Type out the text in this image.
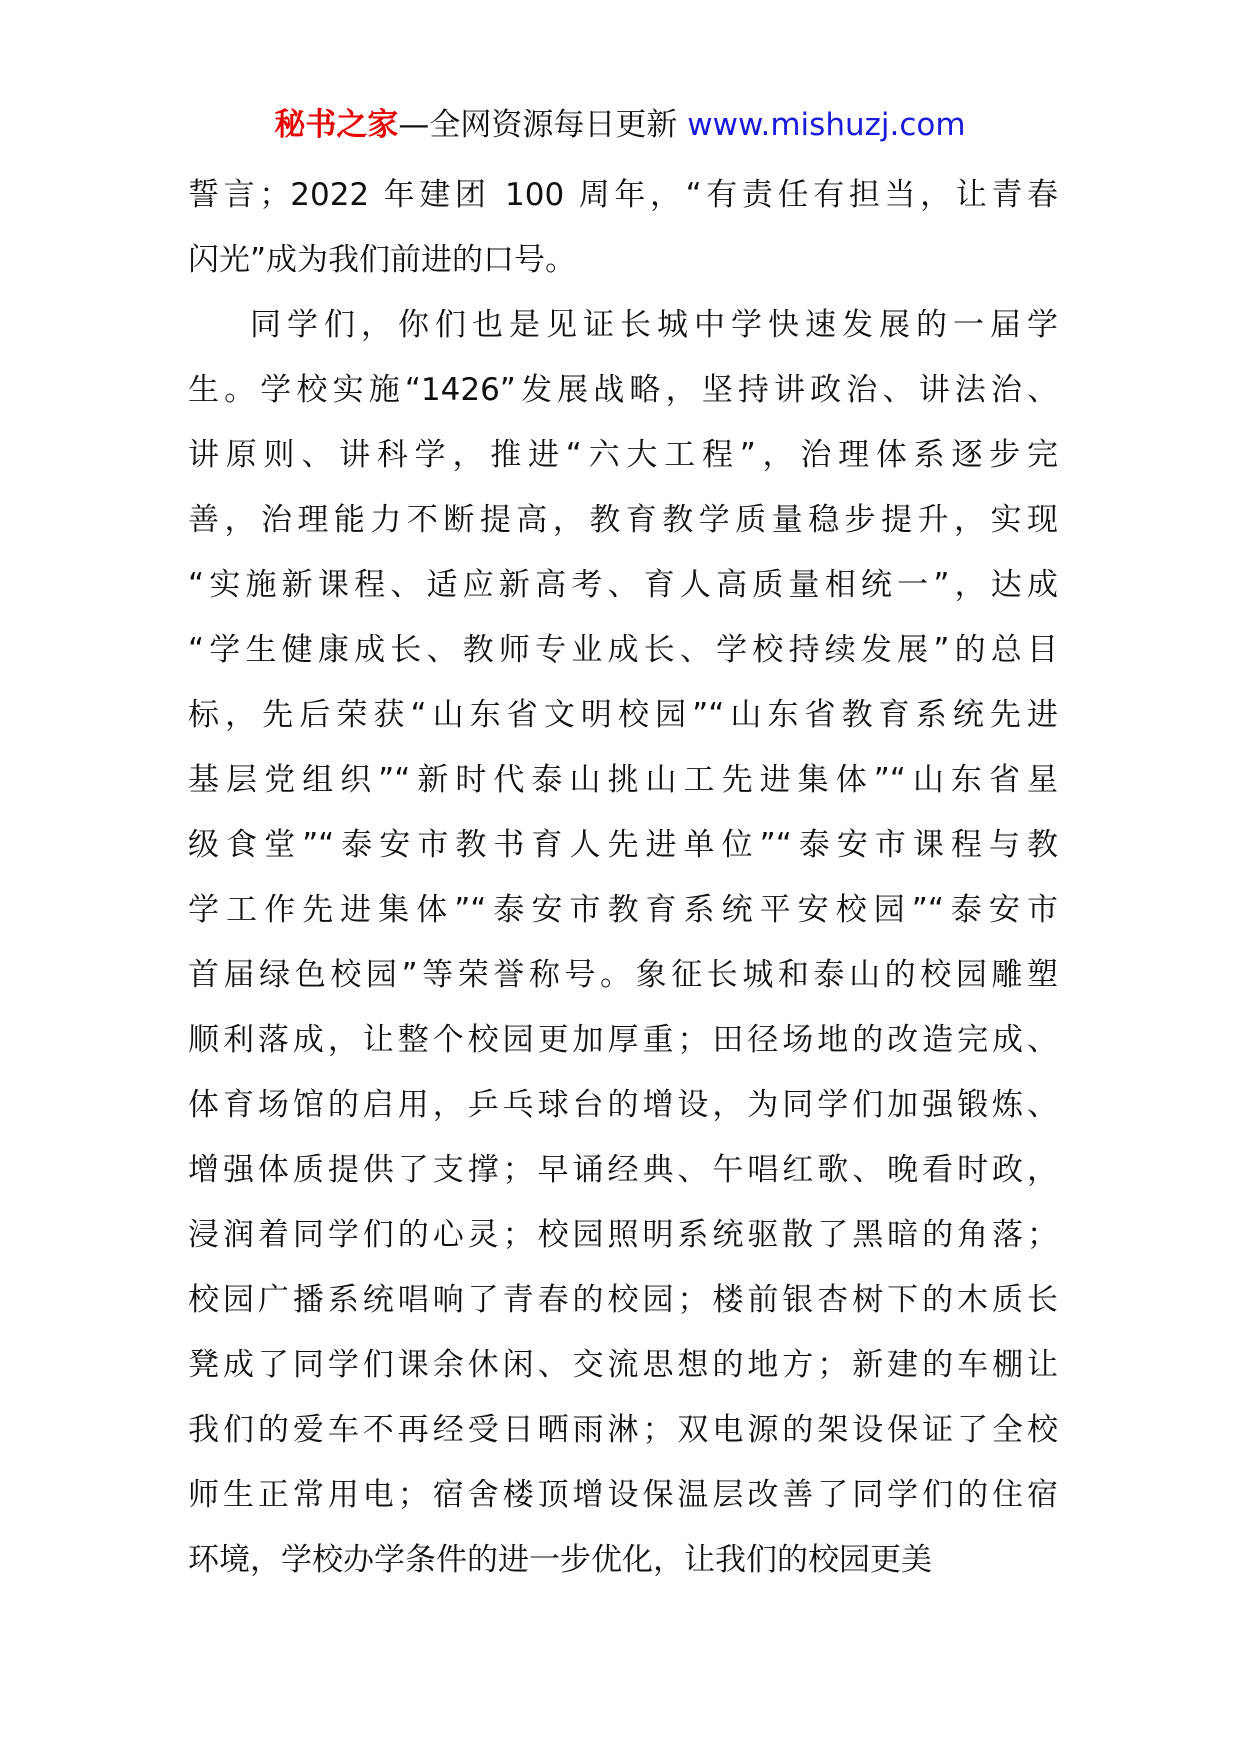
秘书之家—全网资源每日更新 www.mishuzj.com
誓言；2022 年建团 100 周年，“有责任有担当，让青春
闪光”成为我们前进的口号。
同学们，你们也是见证长城中学快速发展的一届学
生。学校实施“1426”发展战略，坚持讲政治、讲法治、
讲原则、讲科学，推进“六大工程”，治理体系逐步完
善，治理能力不断提高，教育教学质量稳步提升，实现
“实施新课程、适应新高考、育人高质量相统一”，达成
“学生健康成长、教师专业成长、学校持续发展”的总目
标，先后荣获“山东省文明校园”“山东省教育系统先进
基层党组织”“新时代泰山挑山工先进集体”“山东省星
级食堂”“泰安市教书育人先进单位”“泰安市课程与教
学工作先进集体”“泰安市教育系统平安校园”“泰安市
首届绿色校园”等荣誉称号。象征长城和泰山的校园雕塑
顺利落成，让整个校园更加厚重；田径场地的改造完成、
体育场馆的启用，乒乓球台的增设，为同学们加强锻炼、
增强体质提供了支撑；早诵经典、午唱红歌、晚看时政，
浸润着同学们的心灵；校园照明系统驱散了黑暗的角落；
校园广播系统唱响了青春的校园；楼前银杏树下的木质长
凳成了同学们课余休闲、交流思想的地方；新建的车棚让
我们的爱车不再经受日晒雨淋；双电源的架设保证了全校
师生正常用电；宿舍楼顶增设保温层改善了同学们的住宿
环境，学校办学条件的进一步优化，让我们的校园更美
